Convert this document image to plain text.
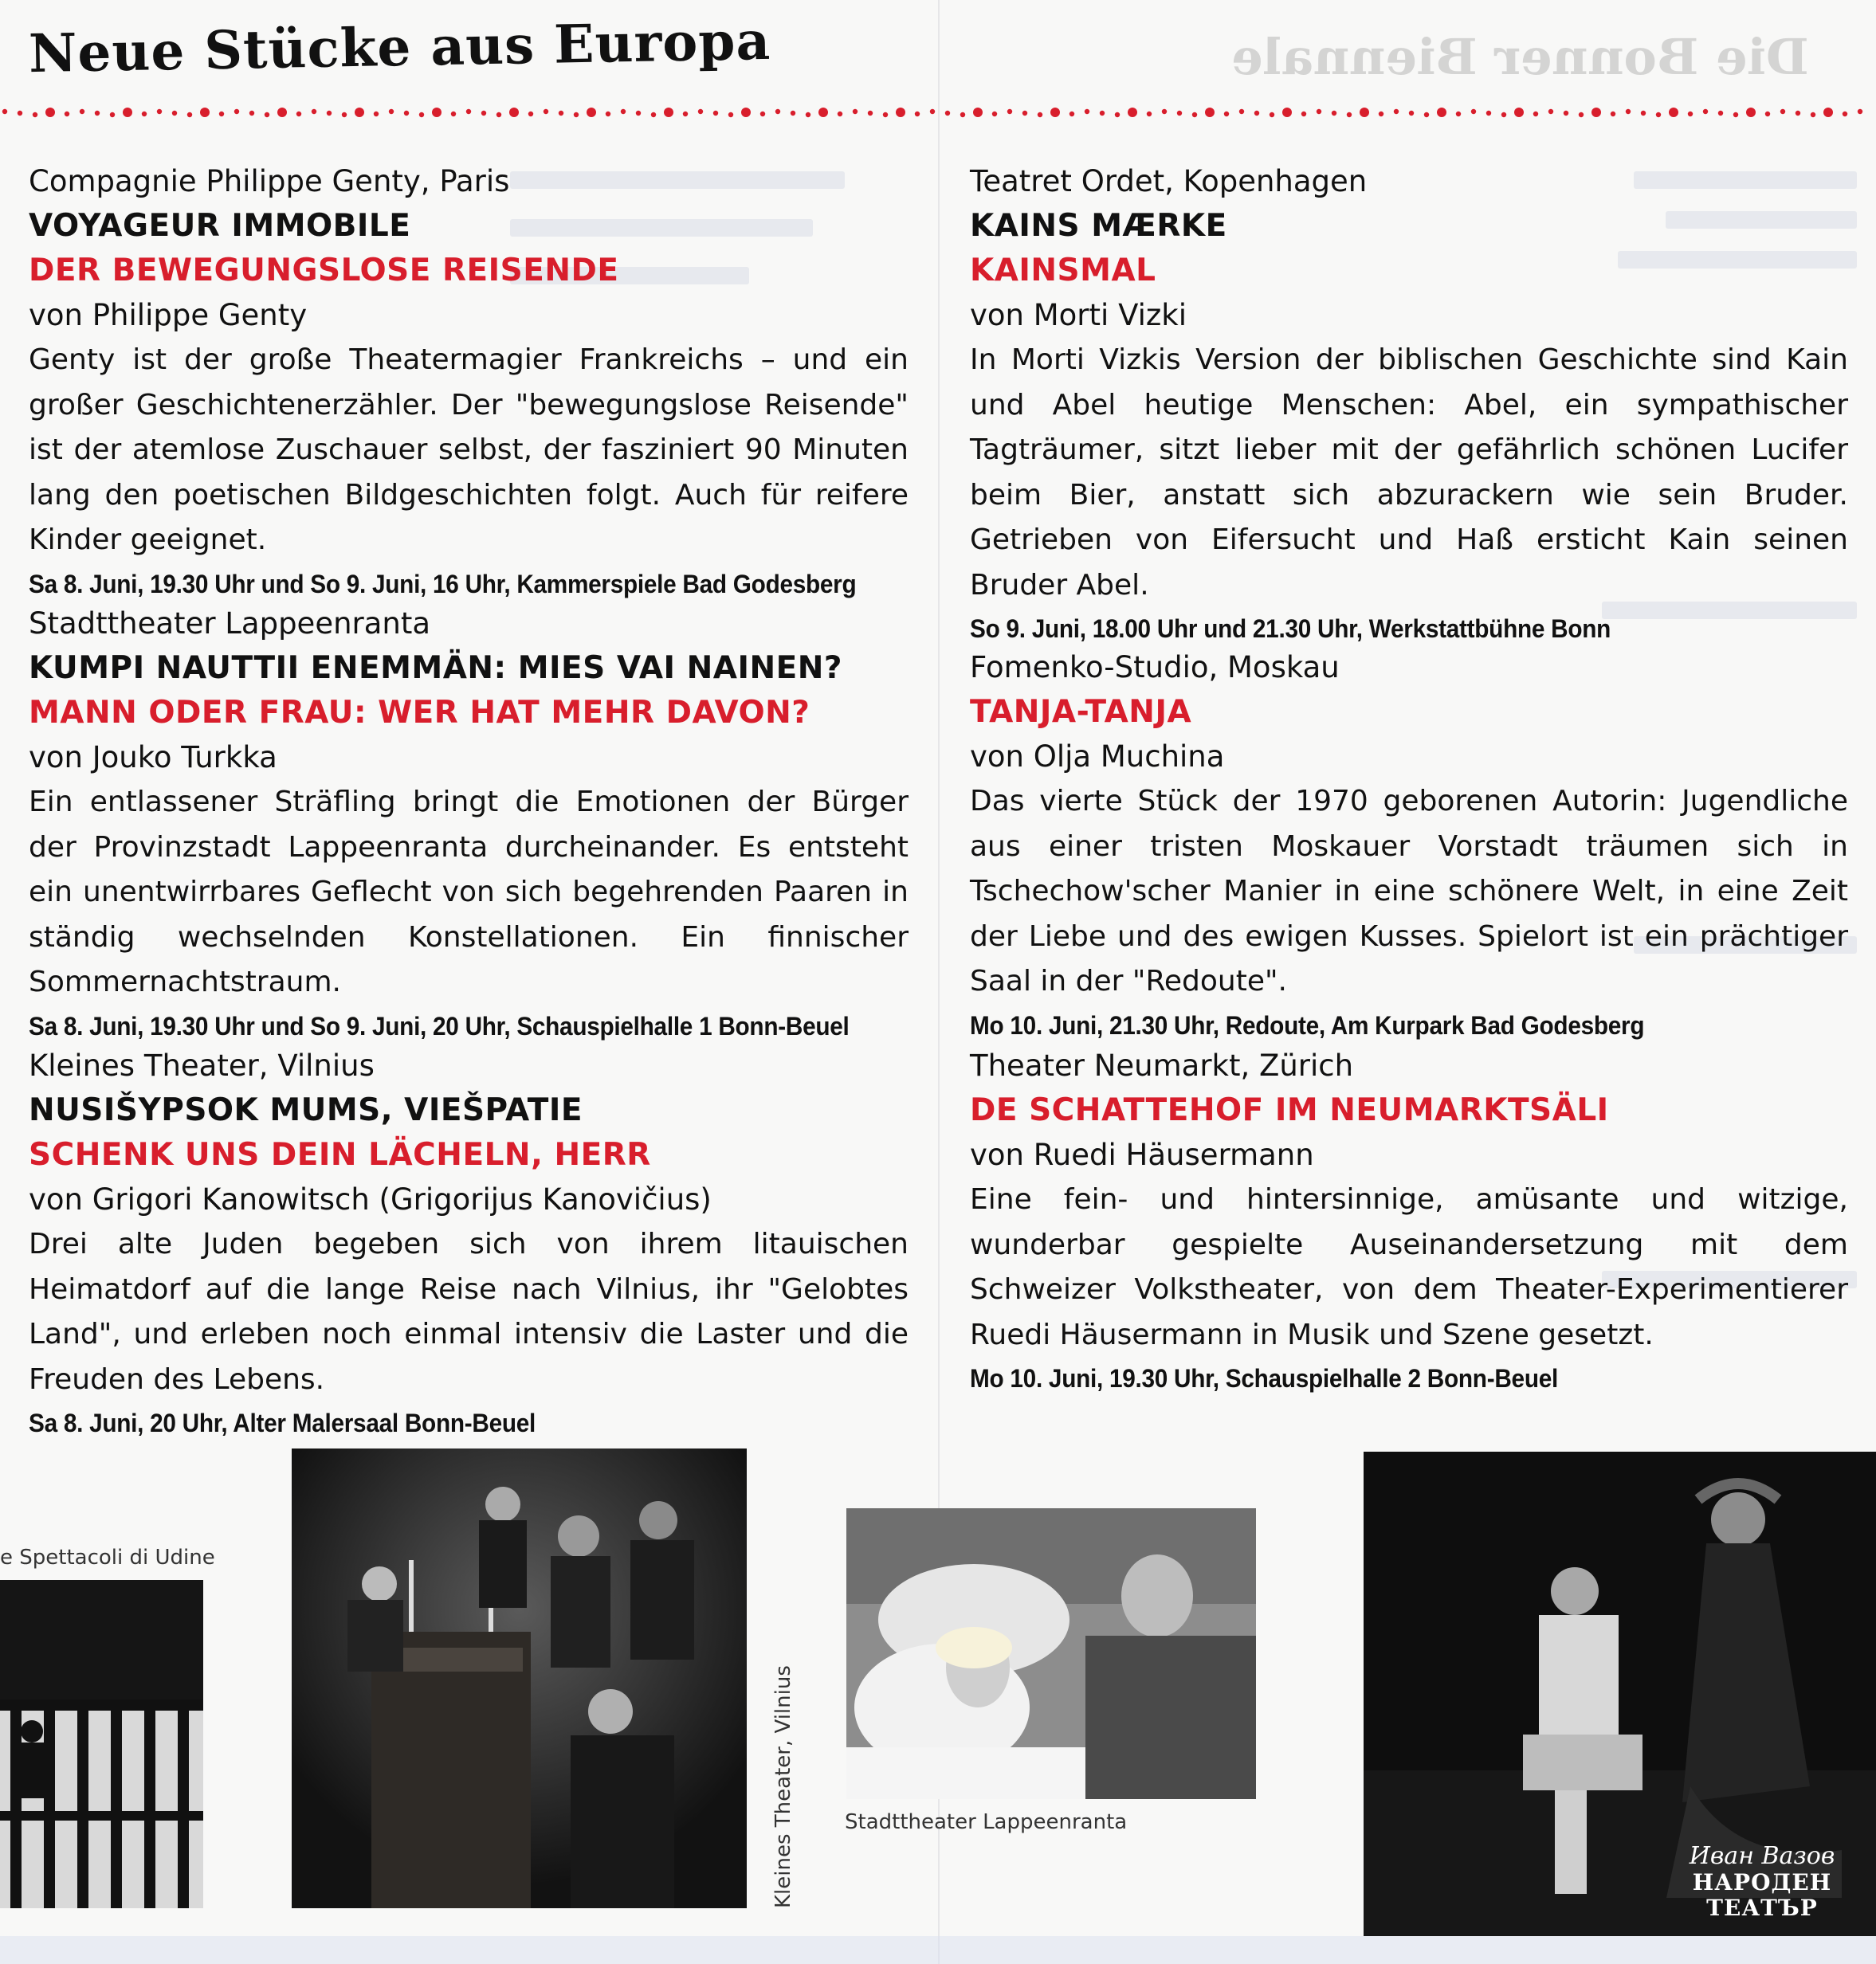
Neue Stücke aus Europa	Die Bonner Biennale

Compagnie Philippe Genty, Paris

VOYAGEUR IMMOBILE

DER BEWEGUNGSLOSE REISENDE

von Philippe Genty

Genty ist der große Theatermagier Frankreichs – und ein großer Geschichtenerzähler. Der "bewegungslose Reisende" ist der atemlose Zuschauer selbst, der fasziniert 90 Minuten lang den poetischen Bildgeschichten folgt. Auch für reifere Kinder geeignet.

Sa 8. Juni, 19.30 Uhr und So 9. Juni, 16 Uhr, Kammerspiele Bad Godesberg

Stadttheater Lappeenranta

KUMPI NAUTTII ENEMMÄN: MIES VAI NAINEN?

MANN ODER FRAU: WER HAT MEHR DAVON?

von Jouko Turkka

Ein entlassener Sträfling bringt die Emotionen der Bürger der Provinzstadt Lappeenranta durcheinander. Es entsteht ein unentwirrbares Geflecht von sich begehrenden Paaren in ständig wechselnden Konstellationen. Ein finnischer Sommernachtstraum.

Sa 8. Juni, 19.30 Uhr und So 9. Juni, 20 Uhr, Schauspielhalle 1 Bonn-Beuel

Kleines Theater, Vilnius

NUSIŠYPSOK MUMS, VIEŠPATIE

SCHENK UNS DEIN LÄCHELN, HERR

von Grigori Kanowitsch (Grigorijus Kanovičius)

Drei alte Juden begeben sich von ihrem litauischen Heimatdorf auf die lange Reise nach Vilnius, ihr "Gelobtes Land", und erleben noch einmal intensiv die Laster und die Freuden des Lebens.

Sa 8. Juni, 20 Uhr, Alter Malersaal Bonn-Beuel

Teatret Ordet, Kopenhagen

KAINS MÆRKE

KAINSMAL

von Morti Vizki

In Morti Vizkis Version der biblischen Geschichte sind Kain und Abel heutige Menschen: Abel, ein sympathischer Tagträumer, sitzt lieber mit der gefährlich schönen Lucifer beim Bier, anstatt sich abzurackern wie sein Bruder. Getrieben von Eifersucht und Haß ersticht Kain seinen Bruder Abel.

So 9. Juni, 18.00 Uhr und 21.30 Uhr, Werkstattbühne Bonn

Fomenko-Studio, Moskau

TANJA-TANJA

von Olja Muchina

Das vierte Stück der 1970 geborenen Autorin: Jugendliche aus einer tristen Moskauer Vorstadt träumen sich in Tschechow'scher Manier in eine schönere Welt, in eine Zeit der Liebe und des ewigen Kusses. Spielort ist ein prächtiger Saal in der "Redoute".

Mo 10. Juni, 21.30 Uhr, Redoute, Am Kurpark Bad Godesberg

Theater Neumarkt, Zürich

DE SCHATTEHOF IM NEUMARKTSÄLI

von Ruedi Häusermann

Eine fein- und hintersinnige, amüsante und witzige, wunderbar gespielte Auseinandersetzung mit dem Schweizer Volkstheater, von dem Theater-Experimentierer Ruedi Häusermann in Musik und Szene gesetzt.

Mo 10. Juni, 19.30 Uhr, Schauspielhalle 2 Bonn-Beuel

e Spettacoli di Udine
Kleines Theater, Vilnius Stadttheater Lappeenranta
Иван Вазов
НАРОДЕН
ТЕАТЪР
